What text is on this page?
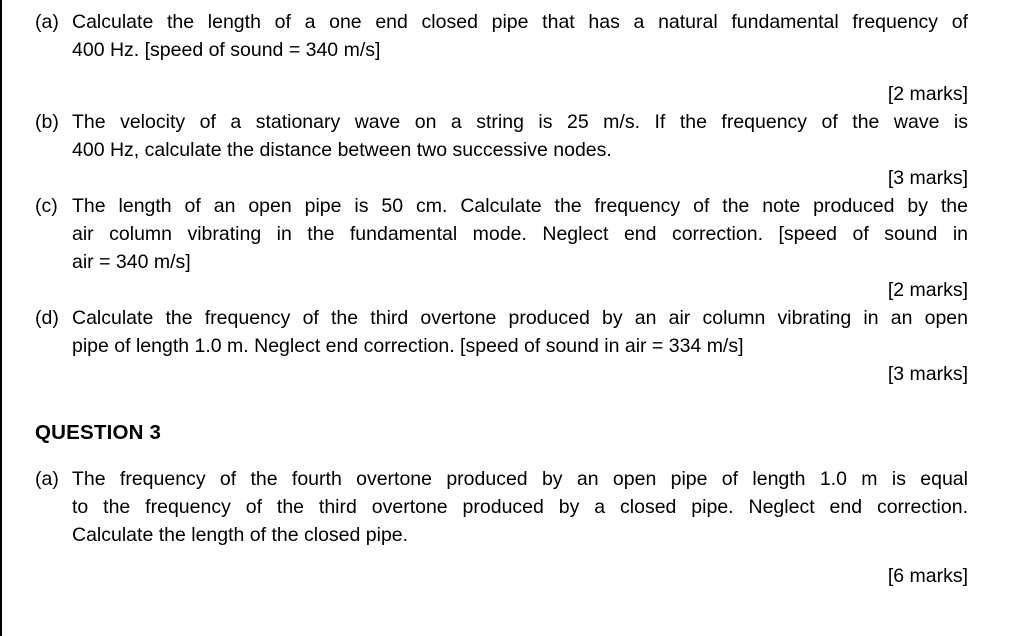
(a) Calculate the length of a one end closed pipe that has a natural fundamental frequency of
400 Hz. [speed of sound = 340 m/s]
[2 marks]
(b) The velocity of a stationary wave on a string is 25 m/s. If the frequency of the wave is
400 Hz, calculate the distance between two successive nodes.
[3 marks]
(c) The length of an open pipe is 50 cm. Calculate the frequency of the note produced by the
air column vibrating in the fundamental mode. Neglect end correction. [speed of sound in
air = 340 m/s]
[2 marks]
(d) Calculate the frequency of the third overtone produced by an air column vibrating in an open
pipe of length 1.0 m. Neglect end correction. [speed of sound in air = 334 m/s]
[3 marks]
QUESTION 3
(a) The frequency of the fourth overtone produced by an open pipe of length 1.0 m is equal
to the frequency of the third overtone produced by a closed pipe. Neglect end correction.
Calculate the length of the closed pipe.
[6 marks]
